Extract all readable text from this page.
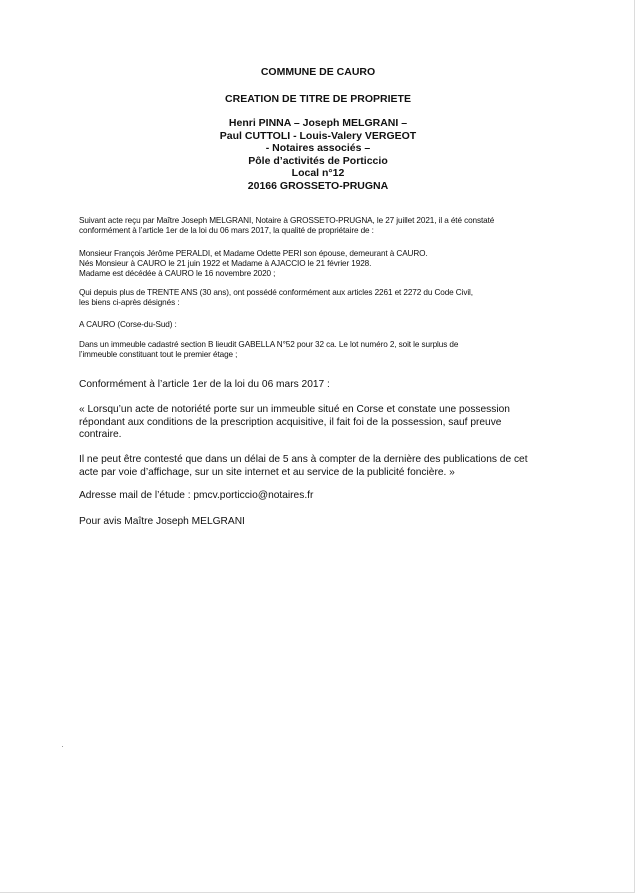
COMMUNE DE CAURO
CREATION DE TITRE DE PROPRIETE
Henri PINNA – Joseph MELGRANI –
Paul CUTTOLI - Louis-Valery VERGEOT
- Notaires associés –
Pôle d’activités de Porticcio
Local n°12
20166 GROSSETO-PRUGNA
Suivant acte reçu par Maître Joseph MELGRANI, Notaire à GROSSETO-PRUGNA, le 27 juillet 2021, il a été constaté
conformément à l’article 1er de la loi du 06 mars 2017, la qualité de propriétaire de :
Monsieur François Jérôme PERALDI, et Madame Odette PERI son épouse, demeurant à CAURO.
Nés Monsieur à CAURO le 21 juin 1922 et Madame à AJACCIO le 21 février 1928.
Madame est décédée à CAURO le 16 novembre 2020 ;
Qui depuis plus de TRENTE ANS (30 ans), ont possédé conformément aux articles 2261 et 2272 du Code Civil,
les biens ci-après désignés :
A CAURO (Corse-du-Sud) :
Dans un immeuble cadastré section B lieudit GABELLA N°52 pour 32 ca. Le lot numéro 2, soit le surplus de
l’immeuble constituant tout le premier étage ;
Conformément à l’article 1er de la loi du 06 mars 2017 :
« Lorsqu’un acte de notoriété porte sur un immeuble situé en Corse et constate une possession
répondant aux conditions de la prescription acquisitive, il fait foi de la possession, sauf preuve
contraire.
Il ne peut être contesté que dans un délai de 5 ans à compter de la dernière des publications de cet
acte par voie d’affichage, sur un site internet et au service de la publicité foncière. »
Adresse mail de l’étude : pmcv.porticcio@notaires.fr
Pour avis Maître Joseph MELGRANI
